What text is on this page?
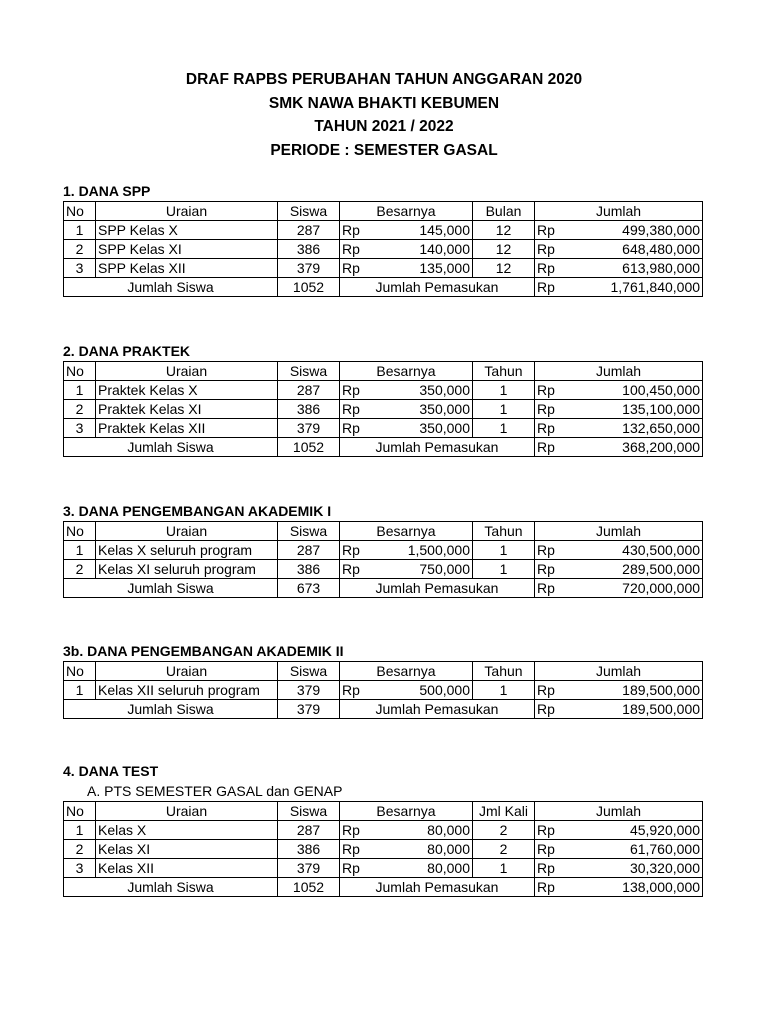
DRAF RAPBS PERUBAHAN TAHUN ANGGARAN 2020
SMK NAWA BHAKTI KEBUMEN
TAHUN 2021 / 2022
PERIODE : SEMESTER GASAL
1. DANA SPP
No	Uraian	Siswa	Besarnya		Bulan	Jumlah	
1	SPP Kelas X	287	Rp	145,000	12	Rp	499,380,000
2	SPP Kelas XI	386	Rp	140,000	12	Rp	648,480,000
3	SPP Kelas XII	379	Rp	135,000	12	Rp	613,980,000
Jumlah Siswa		1052	Jumlah Pemasukan			Rp	1,761,840,000
2. DANA PRAKTEK
No	Uraian	Siswa	Besarnya		Tahun	Jumlah	
1	Praktek Kelas X	287	Rp	350,000	1	Rp	100,450,000
2	Praktek Kelas XI	386	Rp	350,000	1	Rp	135,100,000
3	Praktek Kelas XII	379	Rp	350,000	1	Rp	132,650,000
Jumlah Siswa		1052	Jumlah Pemasukan			Rp	368,200,000
3. DANA PENGEMBANGAN AKADEMIK I
No	Uraian	Siswa	Besarnya		Tahun	Jumlah	
1	Kelas X seluruh program	287	Rp	1,500,000	1	Rp	430,500,000
2	Kelas XI seluruh program	386	Rp	750,000	1	Rp	289,500,000
Jumlah Siswa		673	Jumlah Pemasukan			Rp	720,000,000
3b. DANA PENGEMBANGAN AKADEMIK II
No	Uraian	Siswa	Besarnya		Tahun	Jumlah	
1	Kelas XII seluruh program	379	Rp	500,000	1	Rp	189,500,000
Jumlah Siswa		379	Jumlah Pemasukan			Rp	189,500,000
4. DANA TEST
A. PTS SEMESTER GASAL dan GENAP
No	Uraian	Siswa	Besarnya		Jml Kali	Jumlah	
1	Kelas X	287	Rp	80,000	2	Rp	45,920,000
2	Kelas XI	386	Rp	80,000	2	Rp	61,760,000
3	Kelas XII	379	Rp	80,000	1	Rp	30,320,000
Jumlah Siswa		1052	Jumlah Pemasukan			Rp	138,000,000
